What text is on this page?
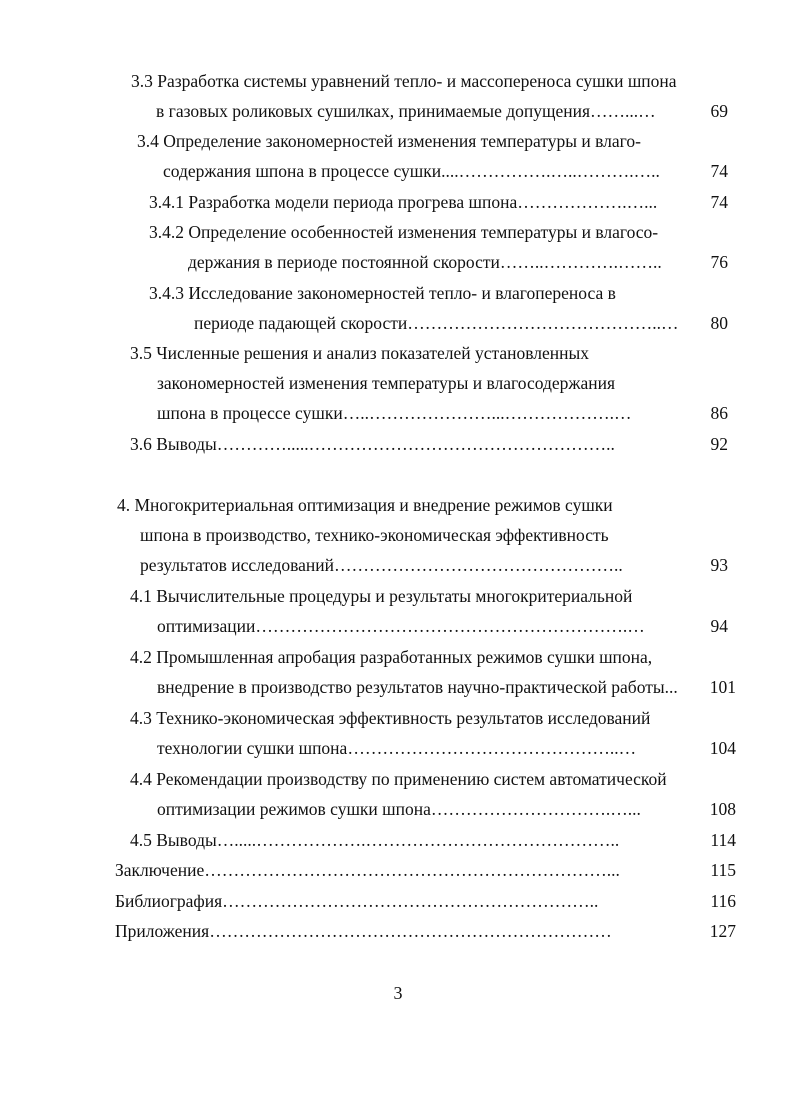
3.3 Разработка системы уравнений тепло- и массопереноса сушки шпона
в газовых роликовых сушилках, принимаемые допущения……...…	69
3.4 Определение закономерностей изменения температуры и влаго-
содержания шпона в процессе сушки....…………….…..……….…..	74
3.4.1 Разработка модели периода прогрева шпона……………….…...	74
3.4.2 Определение особенностей изменения температуры и влагосо-
держания в периоде постоянной скорости……..………….……..	76
3.4.3 Исследование закономерностей тепло- и влагопереноса в
периоде падающей скорости……………………………………..…	80
3.5 Численные решения и анализ показателей установленных
закономерностей изменения температуры и влагосодержания
шпона в процессе сушки…..…………………...……………….…	86
3.6 Выводы………….....……………………………………………..	92
4. Многокритериальная оптимизация и внедрение режимов сушки
шпона в производство, технико-экономическая эффективность
результатов исследований…………………………………………..	93
4.1 Вычислительные процедуры и результаты многокритериальной
оптимизации……………………………………………………….…	94
4.2 Промышленная апробация разработанных режимов сушки шпона,
внедрение в производство результатов научно-практической работы...	101
4.3 Технико-экономическая эффективность результатов исследований
технологии сушки шпона………………………………………..…	104
4.4 Рекомендации производству по применению систем автоматической
оптимизации режимов сушки шпона………………………….…...	108
4.5 Выводы….....……………….……………………………………..	114
Заключение……………………………………………………………...	115
Библиография………………………………………………………..	116
Приложения……………………………………………………………	127
3
